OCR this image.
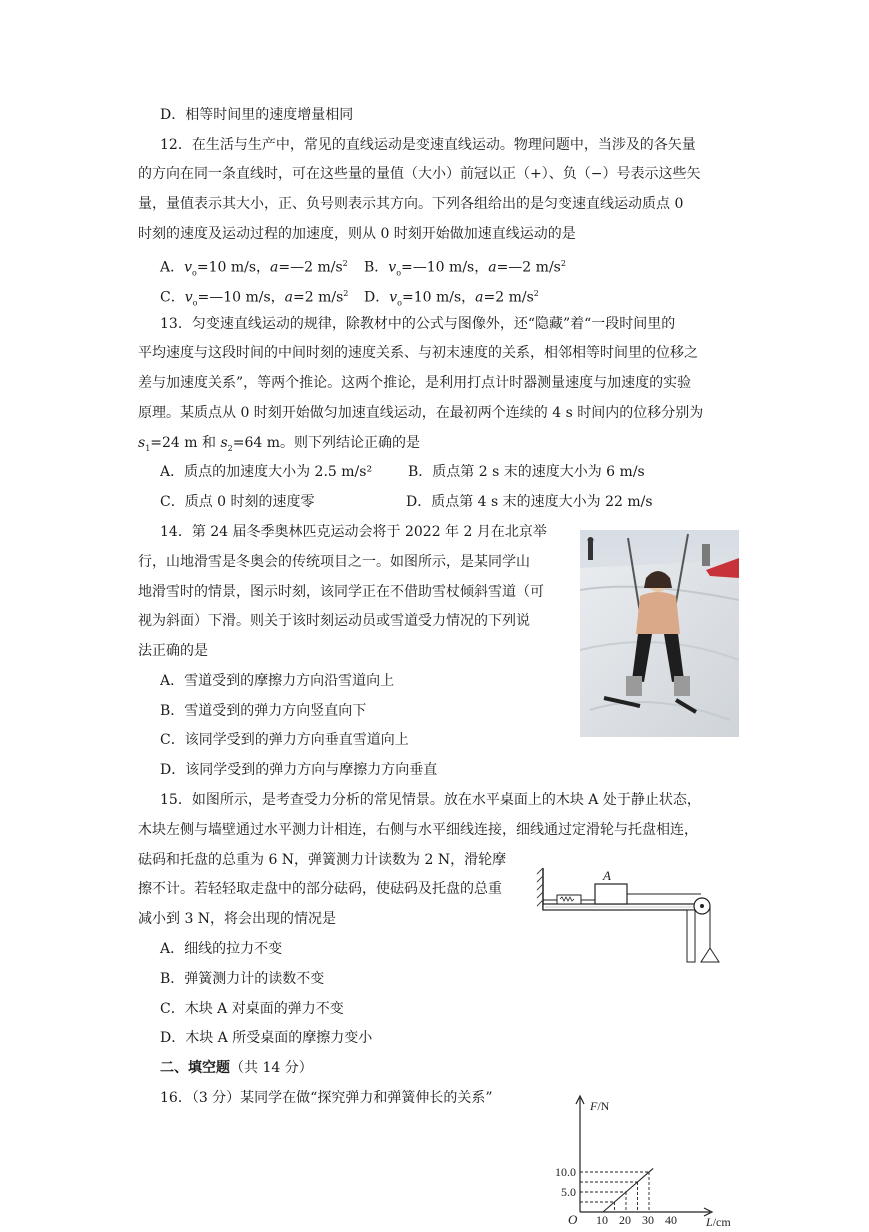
D．相等时间里的速度增量相同
12．在生活与生产中，常见的直线运动是变速直线运动。物理问题中，当涉及的各矢量
的方向在同一条直线时，可在这些量的量值（大小）前冠以正（+）、负（−）号表示这些矢
量，量值表示其大小，正、负号则表示其方向。下列各组给出的是匀变速直线运动质点 0
时刻的速度及运动过程的加速度，则从 0 时刻开始做加速直线运动的是
A．$v_o=10$ m/s，a=—2 $m/s^2$ B．$v_o=—10$ m/s，a=—2 $m/s^2$
C．$v_o=—10$ m/s，a=2 $m/s^2$ D．$v_o=10$ m/s，a=2 $m/s^2$
13．匀变速直线运动的规律，除教材中的公式与图像外，还“隐藏”着“一段时间里的
平均速度与这段时间的中间时刻的速度关系、与初末速度的关系，相邻相等时间里的位移之
差与加速度关系”，等两个推论。这两个推论，是利用打点计时器测量速度与加速度的实验
原理。某质点从 0 时刻开始做匀加速直线运动，在最初两个连续的 4 s 时间内的位移分别为
$s_1=24$ m 和 $s_2=64$ m。则下列结论正确的是
A．质点的加速度大小为 2.5 m/s²	B．质点第 2 s 末的速度大小为 6 m/s
C．质点 0 时刻的速度零	D．质点第 4 s 末的速度大小为 22 m/s
14．第 24 届冬季奥林匹克运动会将于 2022 年 2 月在北京举
行，山地滑雪是冬奥会的传统项目之一。如图所示，是某同学山
地滑雪时的情景，图示时刻，该同学正在不借助雪杖倾斜雪道（可
视为斜面）下滑。则关于该时刻运动员或雪道受力情况的下列说
法正确的是
A．雪道受到的摩擦力方向沿雪道向上
B．雪道受到的弹力方向竖直向下
C．该同学受到的弹力方向垂直雪道向上
D．该同学受到的弹力方向与摩擦力方向垂直
15．如图所示，是考查受力分析的常见情景。放在水平桌面上的木块 A 处于静止状态，
木块左侧与墙壁通过水平测力计相连，右侧与水平细线连接，细线通过定滑轮与托盘相连，
砝码和托盘的总重为 6 N，弹簧测力计读数为 2 N，滑轮摩
擦不计。若轻轻取走盘中的部分砝码，使砝码及托盘的总重
减小到 3 N，将会出现的情况是
A．细线的拉力不变
B．弹簧测力计的读数不变
C．木块 A 对桌面的弹力不变
D．木块 A 所受桌面的摩擦力变小
A
二、填空题（共 14 分）
16．（3 分）某同学在做“探究弹力和弹簧伸长的关系”	F/N
L/cm
O 10 20 30 40
5.0
10.0
